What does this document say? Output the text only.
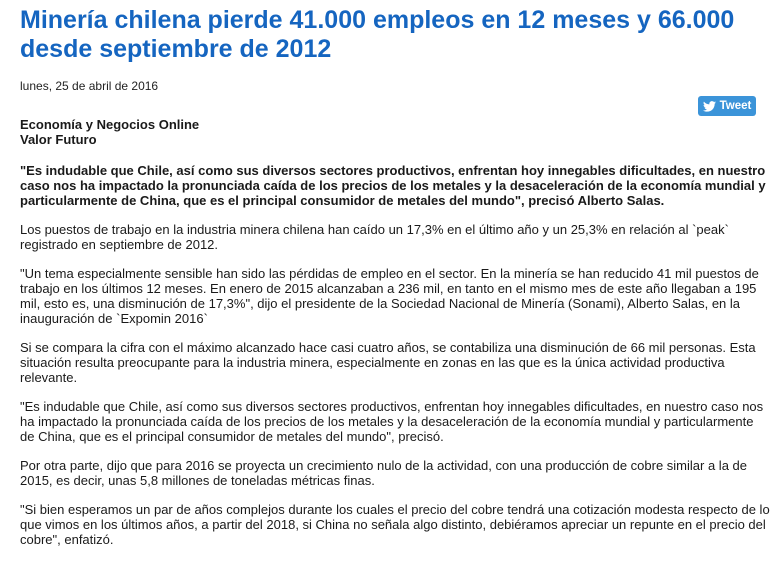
Minería chilena pierde 41.000 empleos en 12 meses y 66.000 desde septiembre de 2012
lunes, 25 de abril de 2016
Tweet
Economía y Negocios Online
Valor Futuro

"Es indudable que Chile, así como sus diversos sectores productivos, enfrentan hoy innegables dificultades, en nuestro caso nos ha impactado la pronunciada caída de los precios de los metales y la desaceleración de la economía mundial y particularmente de China, que es el principal consumidor de metales del mundo", precisó Alberto Salas.

Los puestos de trabajo en la industria minera chilena han caído un 17,3% en el último año y un 25,3% en relación al `peak` registrado en septiembre de 2012.

"Un tema especialmente sensible han sido las pérdidas de empleo en el sector. En la minería se han reducido 41 mil puestos de trabajo en los últimos 12 meses. En enero de 2015 alcanzaban a 236 mil, en tanto en el mismo mes de este año llegaban a 195 mil, esto es, una disminución de 17,3%", dijo el presidente de la Sociedad Nacional de Minería (Sonami), Alberto Salas, en la inauguración de `Expomin 2016`

Si se compara la cifra con el máximo alcanzado hace casi cuatro años, se contabiliza una disminución de 66 mil personas. Esta situación resulta preocupante para la industria minera, especialmente en zonas en las que es la única actividad productiva relevante.

"Es indudable que Chile, así como sus diversos sectores productivos, enfrentan hoy innegables dificultades, en nuestro caso nos ha impactado la pronunciada caída de los precios de los metales y la desaceleración de la economía mundial y particularmente de China, que es el principal consumidor de metales del mundo", precisó.

Por otra parte, dijo que para 2016 se proyecta un crecimiento nulo de la actividad, con una producción de cobre similar a la de 2015, es decir, unas 5,8 millones de toneladas métricas finas.

"Si bien esperamos un par de años complejos durante los cuales el precio del cobre tendrá una cotización modesta respecto de lo que vimos en los últimos años, a partir del 2018, si China no señala algo distinto, debiéramos apreciar un repunte en el precio del cobre", enfatizó.
